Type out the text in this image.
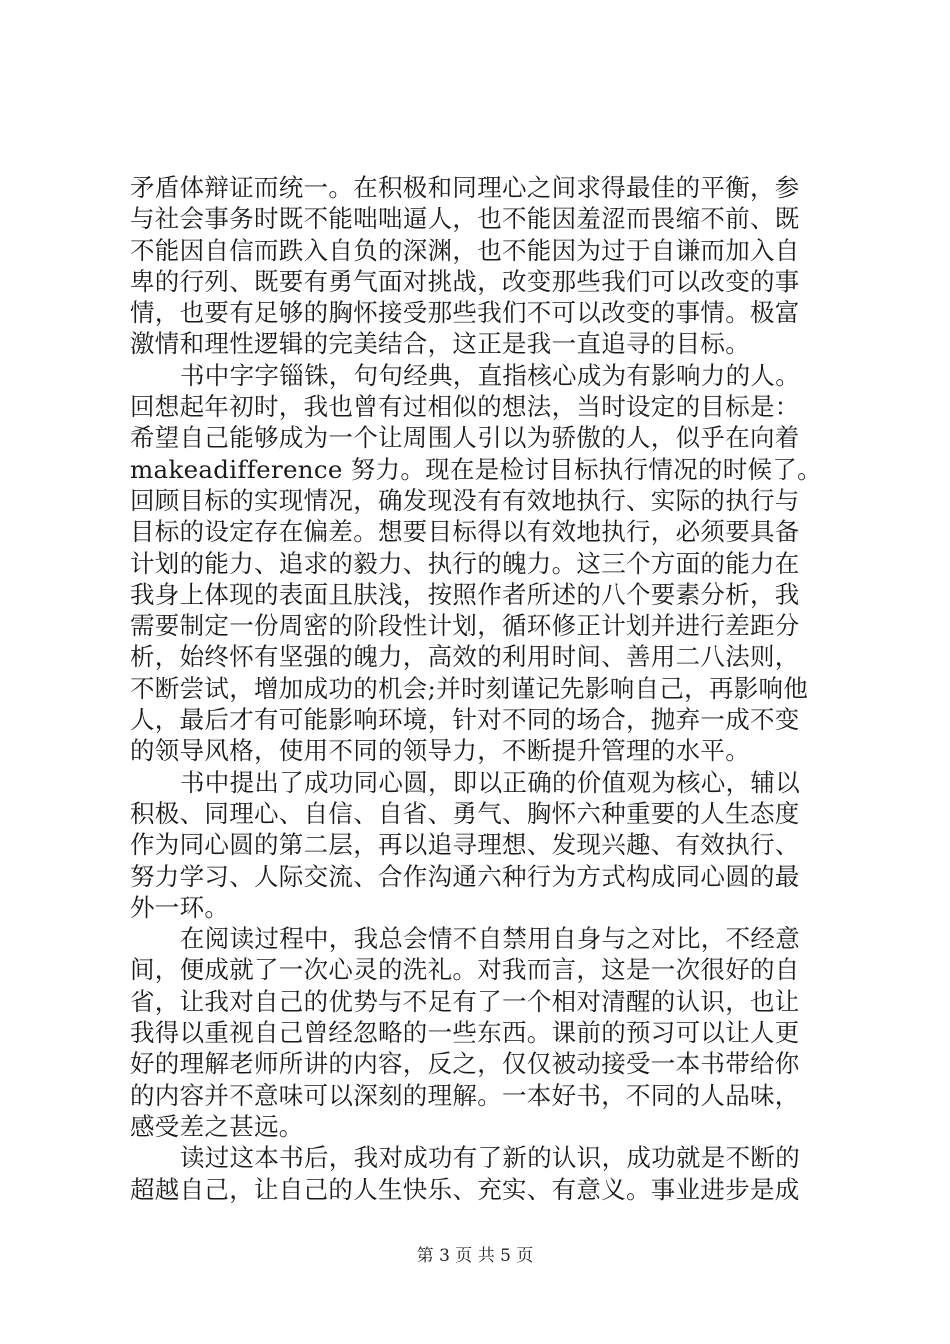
矛盾体辩证而统一。在积极和同理心之间求得最佳的平衡，参
与社会事务时既不能咄咄逼人，也不能因羞涩而畏缩不前、既
不能因自信而跌入自负的深渊，也不能因为过于自谦而加入自
卑的行列、既要有勇气面对挑战，改变那些我们可以改变的事
情，也要有足够的胸怀接受那些我们不可以改变的事情。极富
激情和理性逻辑的完美结合，这正是我一直追寻的目标。
书中字字锱铢，句句经典，直指核心成为有影响力的人。
回想起年初时，我也曾有过相似的想法，当时设定的目标是：
希望自己能够成为一个让周围人引以为骄傲的人，似乎在向着
makeadifference 努力。现在是检讨目标执行情况的时候了。
回顾目标的实现情况，确发现没有有效地执行、实际的执行与
目标的设定存在偏差。想要目标得以有效地执行，必须要具备
计划的能力、追求的毅力、执行的魄力。这三个方面的能力在
我身上体现的表面且肤浅，按照作者所述的八个要素分析，我
需要制定一份周密的阶段性计划，循环修正计划并进行差距分
析，始终怀有坚强的魄力，高效的利用时间、善用二八法则，
不断尝试，增加成功的机会;并时刻谨记先影响自己，再影响他
人，最后才有可能影响环境，针对不同的场合，抛弃一成不变
的领导风格，使用不同的领导力，不断提升管理的水平。
书中提出了成功同心圆，即以正确的价值观为核心，辅以
积极、同理心、自信、自省、勇气、胸怀六种重要的人生态度
作为同心圆的第二层，再以追寻理想、发现兴趣、有效执行、
努力学习、人际交流、合作沟通六种行为方式构成同心圆的最
外一环。
在阅读过程中，我总会情不自禁用自身与之对比，不经意
间，便成就了一次心灵的洗礼。对我而言，这是一次很好的自
省，让我对自己的优势与不足有了一个相对清醒的认识，也让
我得以重视自己曾经忽略的一些东西。课前的预习可以让人更
好的理解老师所讲的内容，反之，仅仅被动接受一本书带给你
的内容并不意味可以深刻的理解。一本好书，不同的人品味，
感受差之甚远。
读过这本书后，我对成功有了新的认识，成功就是不断的
超越自己，让自己的人生快乐、充实、有意义。事业进步是成
第 3 页 共 5 页
